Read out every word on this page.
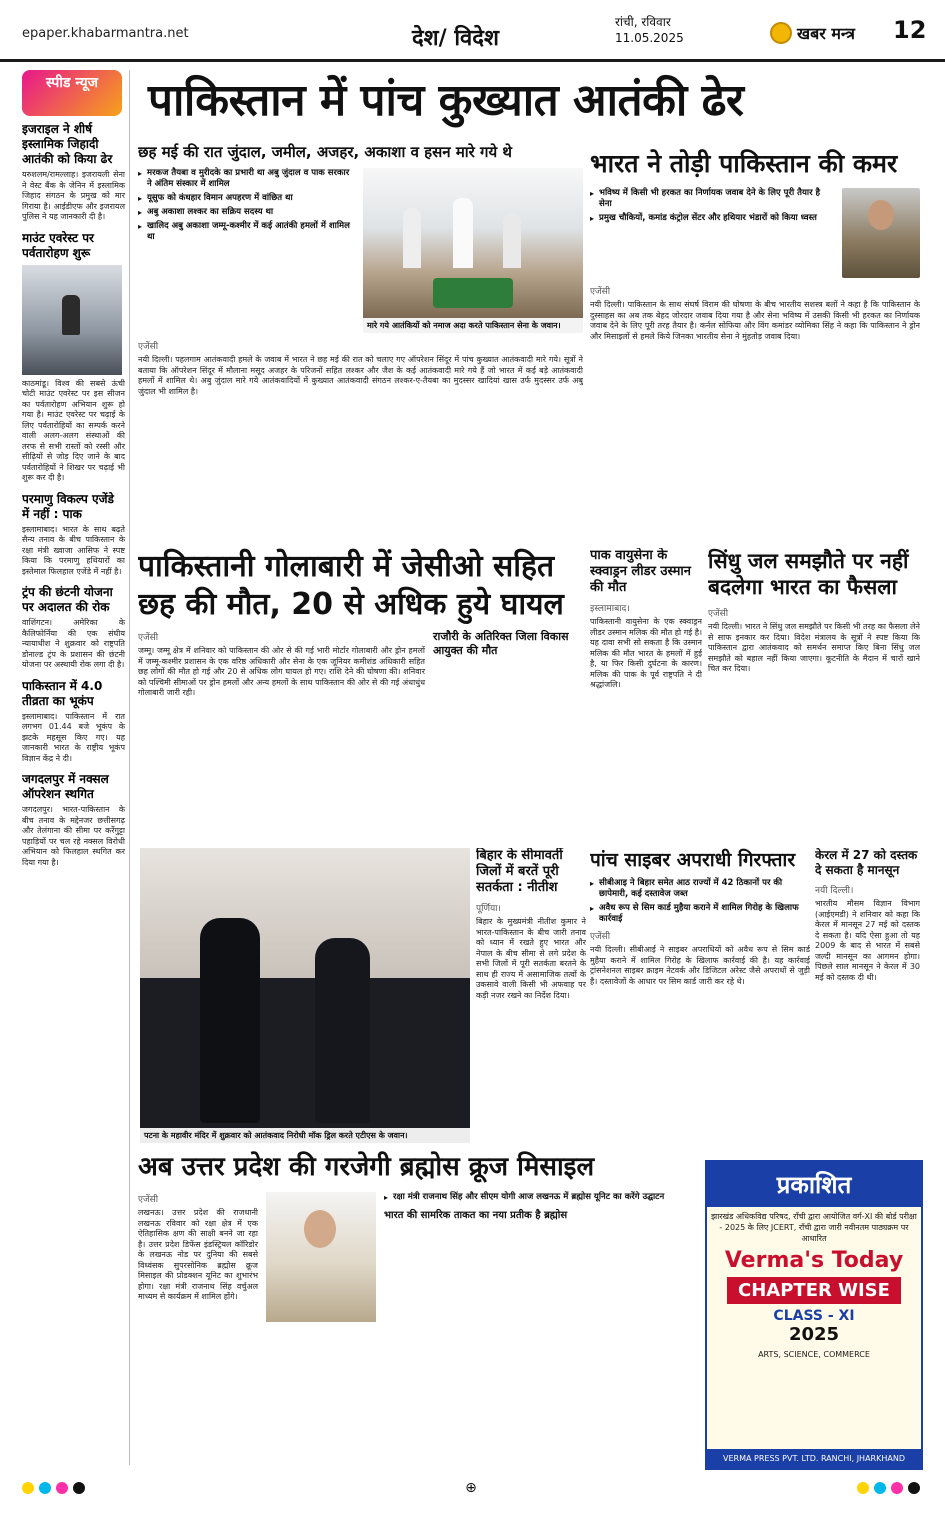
epaper.khabarmantra.net	देश/ विदेश
रांची, रविवार
11.05.2025	खबर मन्त्र 12
स्पीड न्यूज
इजराइल ने शीर्ष इस्लामिक जिहादी आतंकी को किया ढेर
यरुशलम/रामल्लाह। इजरायली सेना ने वेस्ट बैंक के जेनिन में इस्लामिक जिहाद संगठन के प्रमुख को मार गिराया है। आईडीएफ और इजरायल पुलिस ने यह जानकारी दी है।
माउंट एवरेस्ट पर पर्वतारोहण शुरू
काठमांडू। विश्व की सबसे ऊंची चोटी माउंट एवरेस्ट पर इस सीजन का पर्वतारोहण अभियान शुरू हो गया है। माउंट एवरेस्ट पर चढ़ाई के लिए पर्वतारोहियों का सम्पर्क करने वाली अलग-अलग संस्थाओं की तरफ से सभी रास्तों को रस्सी और सीढ़ियों से जोड़ दिए जाने के बाद पर्वतारोहियों ने शिखर पर चढ़ाई भी शुरू कर दी है।
परमाणु विकल्प एजेंडे में नहीं : पाक
इस्लामाबाद। भारत के साथ बढ़ते सैन्य तनाव के बीच पाकिस्तान के रक्षा मंत्री ख्वाजा आसिफ ने स्पष्ट किया कि परमाणु हथियारों का इस्तेमाल फिलहाल एजेंडे में नहीं है।
ट्रंप की छंटनी योजना पर अदालत की रोक
वाशिंगटन। अमेरिका के कैलिफोर्निया की एक संघीय न्यायाधीश ने शुक्रवार को राष्ट्रपति डोनाल्ड ट्रंप के प्रशासन की छंटनी योजना पर अस्थायी रोक लगा दी है।
पाकिस्तान में 4.0 तीव्रता का भूकंप
इस्लामाबाद। पाकिस्तान में रात लगभग 01.44 बजे भूकंप के झटके महसूस किए गए। यह जानकारी भारत के राष्ट्रीय भूकंप विज्ञान केंद्र ने दी।
जगदलपुर में नक्सल ऑपरेशन स्थगित
जगदलपुर। भारत-पाकिस्तान के बीच तनाव के मद्देनजर छत्तीसगढ़ और तेलंगाना की सीमा पर कर्रेगुट्टा पहाड़ियों पर चल रहे नक्सल विरोधी अभियान को फिलहाल स्थगित कर दिया गया है।
पाकिस्तान में पांच कुख्यात आतंकी ढेर
छह मई की रात जुंदाल, जमील, अजहर, अकाशा व हसन मारे गये थे
▸ मरकज तैयबा व मुरीदके का प्रभारी था अबु जुंदाल व पाक सरकार ने अंतिम संस्कार में शामिल
▸ यूसुफ को कंधहार विमान अपहरण में वांछित था
▸ अबु अकाशा लश्कर का सक्रिय सदस्य था
▸ खालिद अबु अकाशा जम्मू-कश्मीर में कई आतंकी हमलों में शामिल था
मारे गये आतंकियों को नमाज अदा करते पाकिस्तान सेना के जवान।
एजेंसी
नयी दिल्ली। पहलगाम आतंकवादी हमले के जवाब में भारत ने छह मई की रात को चलाए गए ऑपरेशन सिंदूर में पांच कुख्यात आतंकवादी मारे गये। सूत्रों ने बताया कि ऑपरेशन सिंदूर में मौलाना मसूद अजहर के परिजनों सहित लश्कर और जैश के कई आतंकवादी मारे गये हैं जो भारत में कई बड़े आतंकवादी हमलों में शामिल थे। अबु जुंदाल मारे गये आतंकवादियों में कुख्यात आतंकवादी संगठन लश्कर-ए-तैयबा का मुदस्सर खादियां खास उर्फ मुदस्सर उर्फ अबु जुंदाल भी शामिल है।
भारत ने तोड़ी पाकिस्तान की कमर
▸ भविष्य में किसी भी हरकत का निर्णायक जवाब देने के लिए पूरी तैयार है सेना
▸ प्रमुख चौकियों, कमांड कंट्रोल सेंटर और हथियार भंडारों को किया ध्वस्त
एजेंसी
नयी दिल्ली। पाकिस्तान के साथ संघर्ष विराम की घोषणा के बीच भारतीय सशस्त्र बलों ने कहा है कि पाकिस्तान के दुस्साहस का अब तक बेहद जोरदार जवाब दिया गया है और सेना भविष्य में उसकी किसी भी हरकत का निर्णायक जवाब देने के लिए पूरी तरह तैयार है। कर्नल सोफिया और विंग कमांडर व्योमिका सिंह ने कहा कि पाकिस्तान ने ड्रोन और मिसाइलों से हमले किये जिनका भारतीय सेना ने मुंहतोड़ जवाब दिया।
पाकिस्तानी गोलाबारी में जेसीओ सहित छह की मौत, 20 से अधिक हुये घायल
एजेंसी
जम्मू। जम्मू क्षेत्र में शनिवार को पाकिस्तान की ओर से की गई भारी मोर्टार गोलाबारी और ड्रोन हमलों में जम्मू-कश्मीर प्रशासन के एक वरिष्ठ अधिकारी और सेना के एक जूनियर कमीशंड अधिकारी सहित छह लोगों की मौत हो गई और 20 से अधिक लोग घायल हो गए। राशि देने की घोषणा की। शनिवार को पश्चिमी सीमाओं पर ड्रोन हमलों और अन्य हमलों के साथ पाकिस्तान की ओर से की गई अंधाधुंध गोलाबारी जारी रही।
राजौरी के अतिरिक्त जिला विकास आयुक्त की मौत
पाक वायुसेना के स्क्वाड्रन लीडर उस्मान की मौत
इस्लामाबाद।
पाकिस्तानी वायुसेना के एक स्क्वाड्रन लीडर उस्मान मलिक की मौत हो गई है। यह दावा सभी सो सकता है कि उस्मान मलिक की मौत भारत के हमलों में हुई है, या फिर किसी दुर्घटना के कारण। मलिक की पाक के पूर्व राष्ट्रपति ने दी श्रद्धांजलि।
सिंधु जल समझौते पर नहीं बदलेगा भारत का फैसला
एजेंसी
नयी दिल्ली। भारत ने सिंधु जल समझौते पर किसी भी तरह का फैसला लेने से साफ इनकार कर दिया। विदेश मंत्रालय के सूत्रों ने स्पष्ट किया कि पाकिस्तान द्वारा आतंकवाद को समर्थन समाप्त किए बिना सिंधु जल समझौते को बहाल नहीं किया जाएगा। कूटनीति के मैदान में चारों खाने चित कर दिया।
पटना के महावीर मंदिर में शुक्रवार को आतंकवाद निरोधी मॉक ड्रिल करते एटीएस के जवान।
बिहार के सीमावर्ती जिलों में बरतें पूरी सतर्कता : नीतीश
पूर्णिया।
बिहार के मुख्यमंत्री नीतीश कुमार ने भारत-पाकिस्तान के बीच जारी तनाव को ध्यान में रखते हुए भारत और नेपाल के बीच सीमा से लगे प्रदेश के सभी जिलों में पूरी सतर्कता बरतने के साथ ही राज्य में असामाजिक तत्वों के उकसावे वाली किसी भी अफवाह पर कड़ी नजर रखने का निर्देश दिया।
पांच साइबर अपराधी गिरफ्तार
▸ सीबीआइ ने बिहार समेत आठ राज्यों में 42 ठिकानों पर की छापेमारी, कई दस्तावेज जब्त
▸ अवैध रूप से सिम कार्ड मुहैया कराने में शामिल गिरोह के खिलाफ कार्रवाई
एजेंसी
नयी दिल्ली। सीबीआई ने साइबर अपराधियों को अवैध रूप से सिम कार्ड मुहैया कराने में शामिल गिरोह के खिलाफ कार्रवाई की है। यह कार्रवाई ट्रांसनेशनल साइबर क्राइम नेटवर्क और डिजिटल अरेस्ट जैसे अपराधों से जुड़ी है। दस्तावेजों के आधार पर सिम कार्ड जारी कर रहे थे।
केरल में 27 को दस्तक दे सकता है मानसून
नयी दिल्ली।
भारतीय मौसम विज्ञान विभाग (आईएमडी) ने शनिवार को कहा कि केरल में मानसून 27 मई को दस्तक दे सकता है। यदि ऐसा हुआ तो यह 2009 के बाद से भारत में सबसे जल्दी मानसून का आगमन होगा। पिछले साल मानसून ने केरल में 30 मई को दस्तक दी थी।
अब उत्तर प्रदेश की गरजेगी ब्रह्मोस क्रूज मिसाइल
एजेंसी
लखनऊ। उत्तर प्रदेश की राजधानी लखनऊ रविवार को रक्षा क्षेत्र में एक ऐतिहासिक क्षण की साक्षी बनने जा रहा है। उत्तर प्रदेश डिफेंस इंडस्ट्रियल कॉरिडोर के लखनऊ नोड पर दुनिया की सबसे विध्वंसक सुपरसोनिक ब्रह्मोस क्रूज मिसाइल की प्रोडक्शन यूनिट का शुभारंभ होगा। रक्षा मंत्री राजनाथ सिंह वर्चुअल माध्यम से कार्यक्रम में शामिल होंगे।
▸ रक्षा मंत्री राजनाथ सिंह और सीएम योगी आज लखनऊ में ब्रह्मोस यूनिट का करेंगे उद्घाटन
भारत की सामरिक ताकत का नया प्रतीक है ब्रह्मोस
प्रकाशित
झारखंड अधिकविद्य परिषद, राँची द्वारा आयोजित वर्ग-XI की बोर्ड परीक्षा - 2025 के लिए JCERT, राँची द्वारा जारी नवीनतम पाठ्यक्रम पर आधारित
Verma's Today
CHAPTER WISE
CLASS - XI
2025
ARTS, SCIENCE, COMMERCE
VERMA PRESS PVT. LTD. RANCHI, JHARKHAND
⊕
